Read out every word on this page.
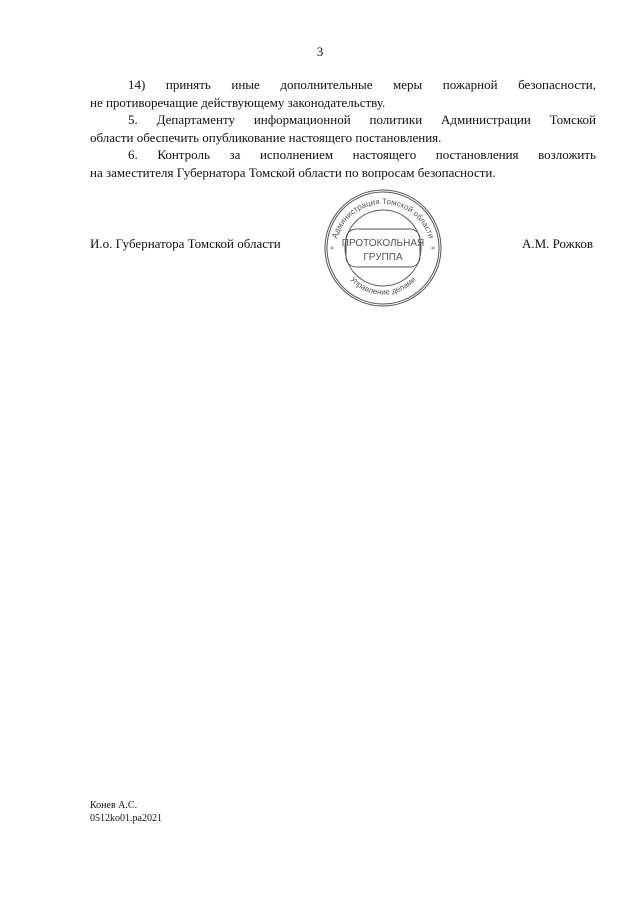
3

14) принять иные дополнительные меры пожарной безопасности,
не противоречащие действующему законодательству.

5. Департаменту информационной политики Администрации Томской
области обеспечить опубликование настоящего постановления.

6. Контроль за исполнением настоящего постановления возложить
на заместителя Губернатора Томской области по вопросам безопасности.

И.о. Губернатора Томской области	А.М. Рожков
*	*
Администрация Томской области
Управление делами
ПРОТОКОЛЬНАЯ
ГРУППА
Конев А.С.
0512ko01.pa2021
